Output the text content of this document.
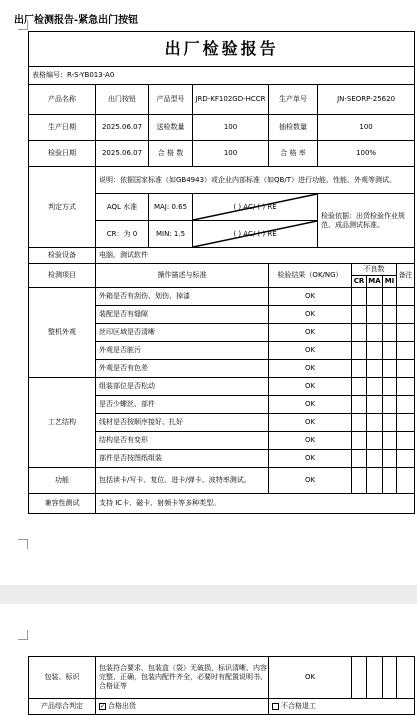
出厂检测报告-紧急出门按钮
出厂检验报告									
表格编号：R-S-YB013-A0									
产品名称	出门按钮	产品型号	JRD-KF102GD-HCCR	生产单号	JN-SEORP-25620				
生产日期	2025.06.07	送检数量	100	抽检数量	100				
检验日期	2025.06.07	合 格 数	100	合 格 率	100%				
判定方式	说明：依据国家标准（如GB4943）或企业内部标准（如QB/T）进行功能、性能、外观等测试。								
	AQL 水准	MAJ: 0.65	( ) AC/ ( ) RE		检验依据：出货检验作业规范、成品测试标准。				
	CR：为 0	MIN: 1.5	( ) AC/ ( ) RE						
检验设备	电脑，测试软件								
检测项目	操作描述与标准			检验结果（OK/NG）		不良数			备注
						CR	MA	MI	
整机外观	外箱是否有刮伤、划伤、掉漆			OK					
	装配是否有缝隙			OK					
	丝印区域是否清晰			OK					
	外观是否脏污			OK					
	外观是否有色差			OK					
工艺结构	组装部位是否松动			OK					
	是否少螺丝、部件			OK					
	线材是否按顺序接好、扎好			OK					
	结构是否有变形			OK					
	部件是否按图纸组装			OK					
功能	包括读卡/写卡、复位、进卡/弹卡、波特率测试。			OK					
兼容性测试	支持 IC卡、磁卡、射频卡等多种类型。								
包装、标识	包装符合要求，包装盒（袋）无破损，标识清晰、内容完整、正确，包装内配件齐全，必要时有配置说明书、合格证等	OK				
产品综合判定	✓ 合格出货	不合格退工				
